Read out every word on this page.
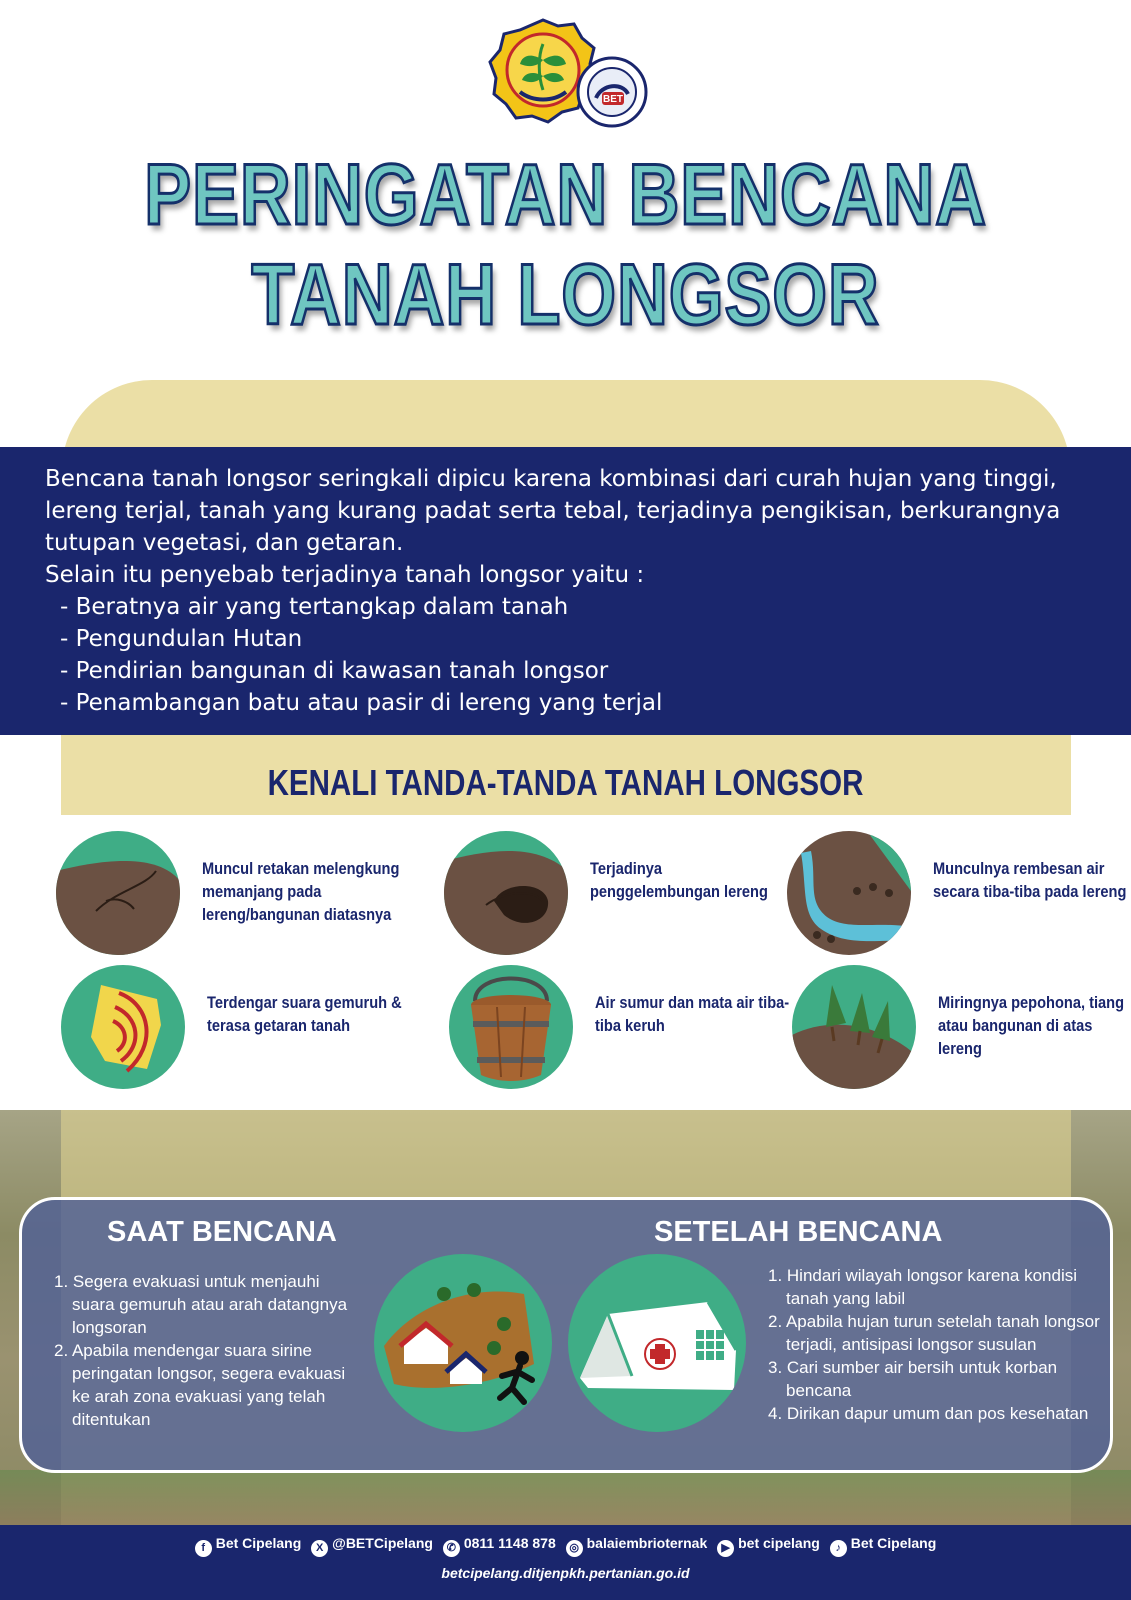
BET
PERINGATAN BENCANA
TANAH LONGSOR

Bencana tanah longsor seringkali dipicu karena kombinasi dari curah hujan yang tinggi, lereng terjal, tanah yang kurang padat serta tebal, terjadinya pengikisan, berkurangnya tutupan vegetasi, dan getaran.

Selain itu penyebab terjadinya tanah longsor yaitu :

- Beratnya air yang tertangkap dalam tanah
- Pengundulan Hutan
- Pendirian bangunan di kawasan tanah longsor
- Penambangan batu atau pasir di lereng yang terjal
KENALI TANDA-TANDA TANAH LONGSOR
Muncul retakan melengkung memanjang pada lereng/bangunan diatasnya
Terjadinya penggelembungan lereng
Munculnya rembesan air secara tiba-tiba pada lereng
Terdengar suara gemuruh & terasa getaran tanah
Air sumur dan mata air tiba-tiba keruh
Miringnya pepohona, tiang atau bangunan di atas lereng
SAAT BENCANA
1. Segera evakuasi untuk menjauhi suara gemuruh atau arah datangnya longsoran
2. Apabila mendengar suara sirine peringatan longsor, segera evakuasi ke arah zona evakuasi yang telah ditentukan
SETELAH BENCANA
1. Hindari wilayah longsor karena kondisi tanah yang labil
2. Apabila hujan turun setelah tanah longsor terjadi, antisipasi longsor susulan
3. Cari sumber air bersih untuk korban bencana
4. Dirikan dapur umum dan pos kesehatan
f Bet Cipelang X @BETCipelang ✆ 0811 1148 878 ◎ balaiembrioternak ▶ bet cipelang ♪ Bet Cipelang
betcipelang.ditjenpkh.pertanian.go.id
